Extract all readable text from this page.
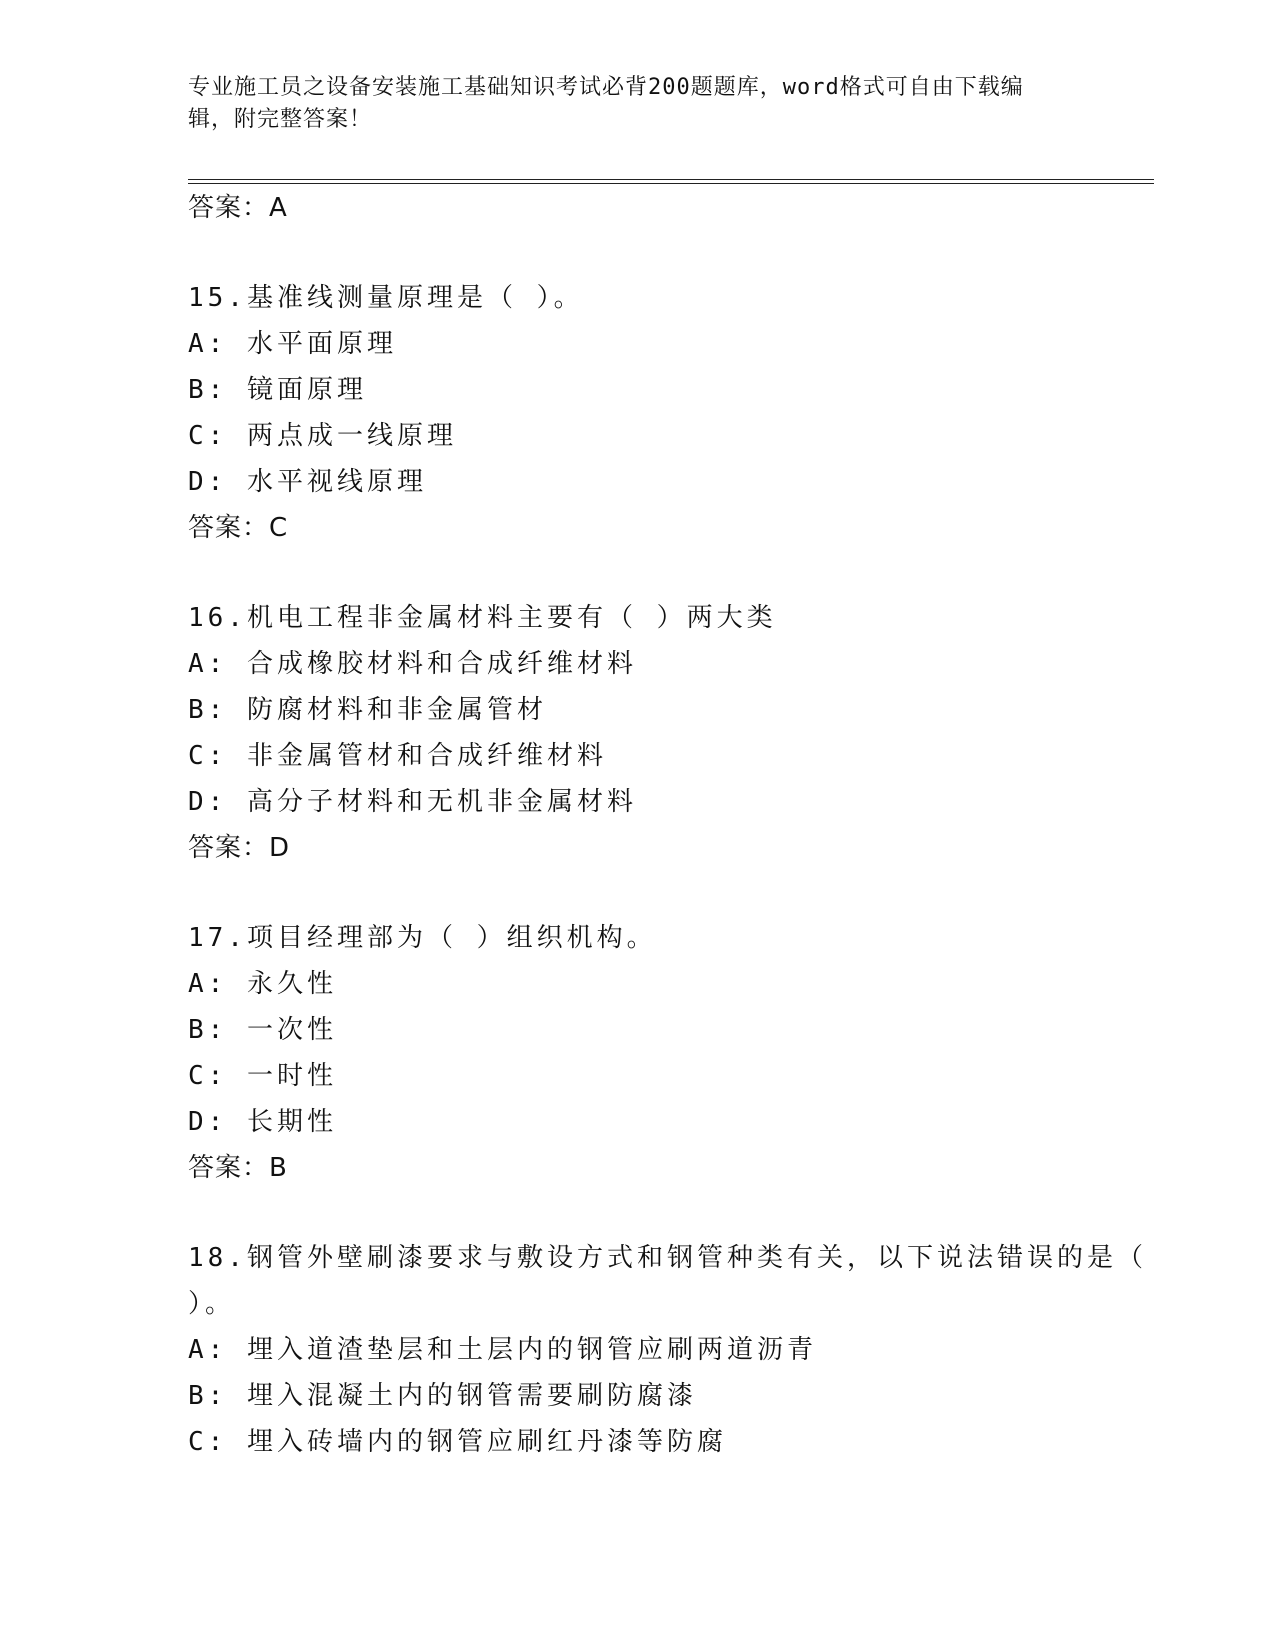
专业施工员之设备安装施工基础知识考试必背200题题库，word格式可自由下载编辑，附完整答案！
答案：A
15.基准线测量原理是（ ）。
A: 水平面原理
B: 镜面原理
C: 两点成一线原理
D: 水平视线原理
答案：C
16.机电工程非金属材料主要有（ ）两大类
A: 合成橡胶材料和合成纤维材料
B: 防腐材料和非金属管材
C: 非金属管材和合成纤维材料
D: 高分子材料和无机非金属材料
答案：D
17.项目经理部为（ ）组织机构。
A: 永久性
B: 一次性
C: 一时性
D: 长期性
答案：B
18.钢管外壁刷漆要求与敷设方式和钢管种类有关，以下说法错误的是（ ）。
A: 埋入道渣垫层和土层内的钢管应刷两道沥青
B: 埋入混凝土内的钢管需要刷防腐漆
C: 埋入砖墙内的钢管应刷红丹漆等防腐
